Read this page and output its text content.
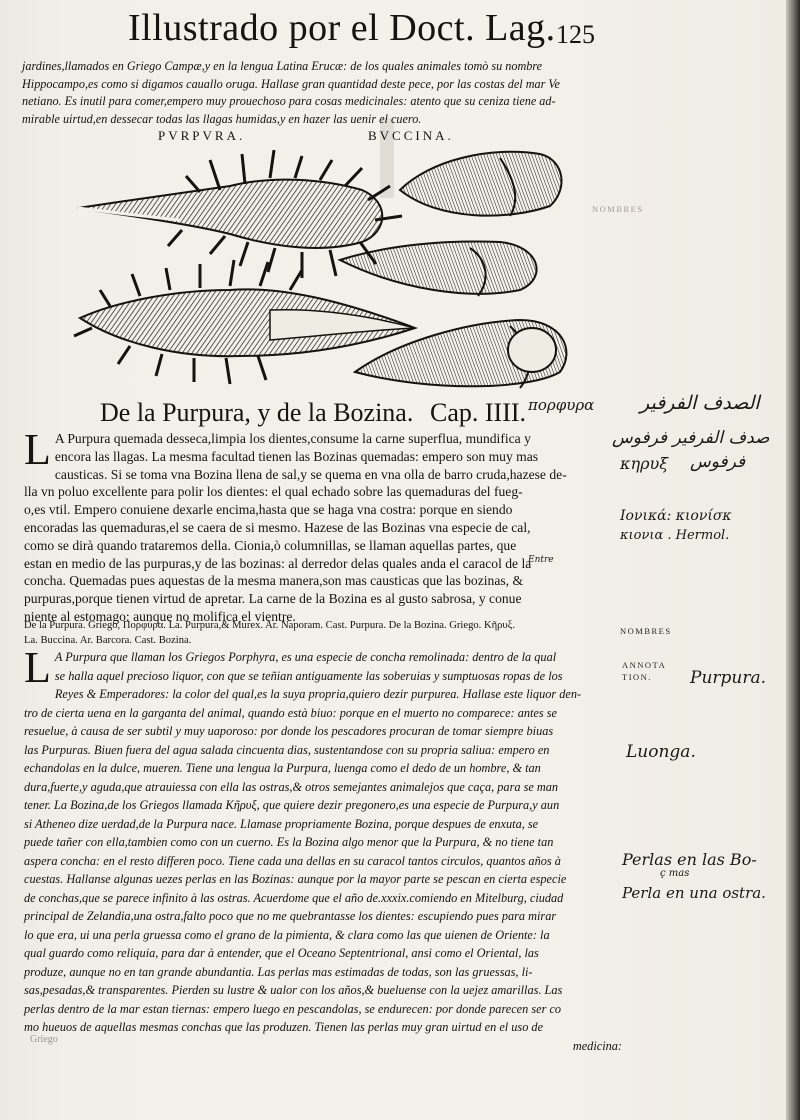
Illustrado por el Doct. Lag. 125
jardines,llamados en Griego Campæ,y en la lengua Latina Erucæ: de los quales animales tomò su nombre
Hippocampo,es como si digamos cauallo oruga. Hallase gran quantidad deste pece, por las costas del mar Ve
netiano. Es inutil para comer,empero muy prouechoso para cosas medicinales: atento que su ceniza tiene ad-
mirable uirtud,en dessecar todas las llagas humidas,y en hazer las uenir el cuero.
PVRPVRA.	BVCCINA.
De la Purpura, y de la Bozina. Cap. IIII.
L A Purpura quemada desseca,limpia los dientes,consume la carne superflua, mundifica y
encora las llagas. La mesma facultad tienen las Bozinas quemadas: empero son muy mas
causticas. Si se toma vna Bozina llena de sal,y se quema en vna olla de barro cruda,hazese de-
lla vn poluo excellente para polir los dientes: el qual echado sobre las quemaduras del fueg-
o,es vtil. Empero conuiene dexarle encima,hasta que se haga vna costra: porque en siendo
encoradas las quemaduras,el se caera de si mesmo. Hazese de las Bozinas vna especie de cal,
como se dirà quando trataremos della. Cionia,ò columnillas, se llaman aquellas partes, que
estan en medio de las purpuras,y de las bozinas: al derredor delas quales anda el caracol de la
concha. Quemadas pues aquestas de la mesma manera,son mas causticas que las bozinas, &
purpuras,porque tienen virtud de apretar. La carne de la Bozina es al gusto sabrosa, y conue
niente al estomago: aunque no molifica el vientre.
De la Purpura. Griego, Πορφύρα. La. Purpura,& Murex. Ar. Naporam. Cast. Purpura. De la Bozina. Griego. Κῆρυξ.
La. Buccina. Ar. Barcora. Cast. Bozina.
L A Purpura que llaman los Griegos Porphyra, es una especie de concha remolinada: dentro de la qual
se halla aquel precioso liquor, con que se teñian antiguamente las soberuias y sumptuosas ropas de los
Reyes & Emperadores: la color del qual,es la suya propria,quiero dezir purpurea. Hallase este liquor den-
tro de cierta uena en la garganta del animal, quando està biuo: porque en el muerto no comparece: antes se
resuelue, à causa de ser subtil y muy uaporoso: por donde los pescadores procuran de tomar siempre biuas
las Purpuras. Biuen fuera del agua salada cincuenta dias, sustentandose con su propria saliua: empero en
echandolas en la dulce, mueren. Tiene una lengua la Purpura, luenga como el dedo de un hombre, & tan
dura,fuerte,y aguda,que atrauiessa con ella las ostras,& otros semejantes animalejos que caça, para se man
tener. La Bozina,de los Griegos llamada Κῆρυξ, que quiere dezir pregonero,es una especie de Purpura,y aun
si Atheneo dize uerdad,de la Purpura nace. Llamase propriamente Bozina, porque despues de enxuta, se
puede tañer con ella,tambien como con un cuerno. Es la Bozina algo menor que la Purpura, & no tiene tan
aspera concha: en el resto differen poco. Tiene cada una dellas en su caracol tantos circulos, quantos años à
cuestas. Hallanse algunas uezes perlas en las Bozinas: aunque por la mayor parte se pescan en cierta especie
de conchas,que se parece infinito à las ostras. Acuerdome que el año de.xxxix.comiendo en Mitelburg, ciudad
principal de Zelandia,una ostra,falto poco que no me quebrantasse los dientes: escupiendo pues para mirar
lo que era, ui una perla gruessa como el grano de la pimienta, & clara como las que uienen de Oriente: la
qual guardo como reliquia, para dar à entender, que el Oceano Septentrional, ansi como el Oriental, las
produze, aunque no en tan grande abundantia. Las perlas mas estimadas de todas, son las gruessas, li-
sas,pesadas,& transparentes. Pierden su lustre & ualor con los años,& bueluense con la uejez amarillas. Las
perlas dentro de la mar estan tiernas: empero luego en pescandolas, se endurecen: por donde parecen ser co
mo hueuos de aquellas mesmas conchas que las produzen. Tienen las perlas muy gran uirtud en el uso de
medicina:
NOMBRES
NOMBRES
ANNOTA
TION.
πορφυρα الصدف الفرفير
صدف الفرفير فرفوس
فرفوس
κηρυξ
Ιονικά: κιονίσκ
κιονια . Hermol.
Entre
Purpura.
Luonga.
Perlas en las Bo-
ç mas
Perla en una ostra.
Griego
